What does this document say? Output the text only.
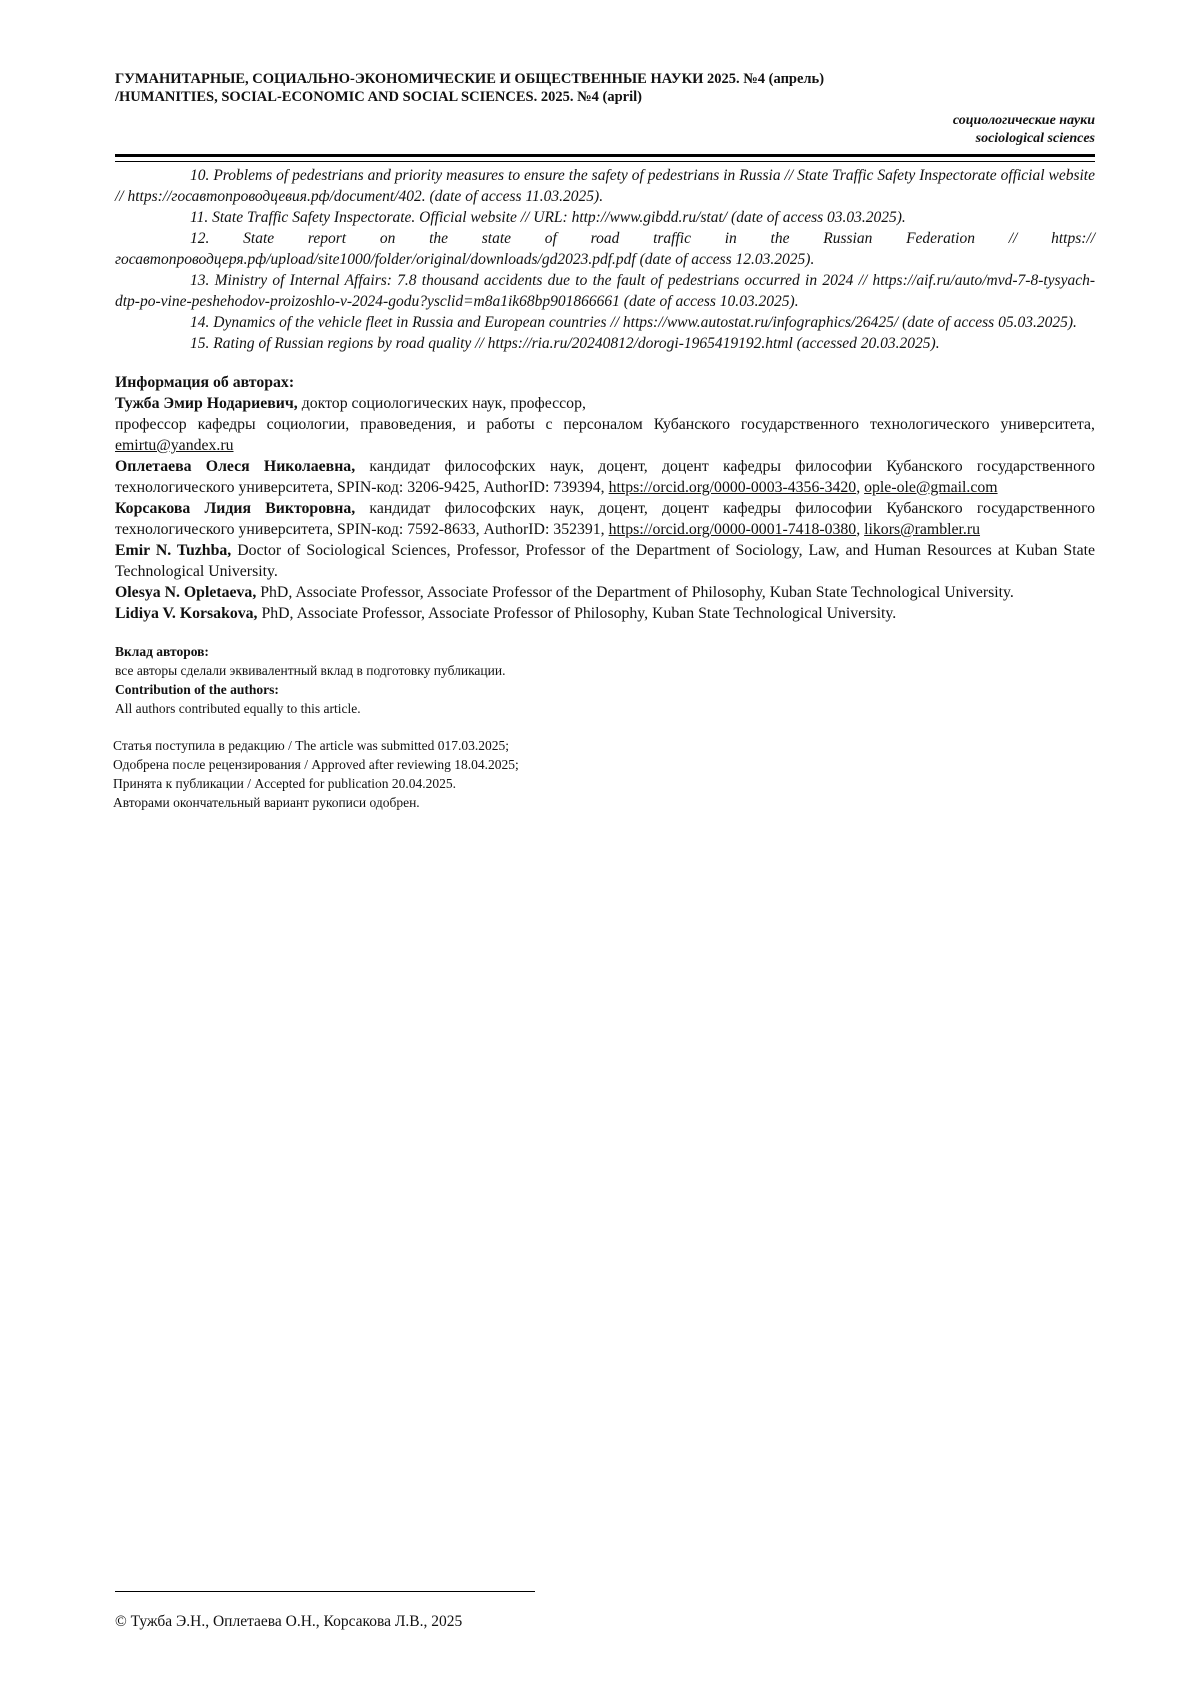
ГУМАНИТАРНЫЕ, СОЦИАЛЬНО-ЭКОНОМИЧЕСКИЕ И ОБЩЕСТВЕННЫЕ НАУКИ 2025. №4 (апрель)
/HUMANITIES, SOCIAL-ECONOMIC AND SOCIAL SCIENCES. 2025. №4 (april)
социологические науки
sociological sciences

10. Problems of pedestrians and priority measures to ensure the safety of pedestrians in Russia // State Traffic Safety Inspectorate official website // https://госавтопроводцевия.рф/document/402. (date of access 11.03.2025).

11. State Traffic Safety Inspectorate. Official website // URL: http://www.gibdd.ru/stat/ (date of access 03.03.2025).

12. State report on the state of road traffic in the Russian Federation // https://госавтопроводцеря.рф/upload/site1000/folder/original/downloads/gd2023.pdf.pdf (date of access 12.03.2025).

13. Ministry of Internal Affairs: 7.8 thousand accidents due to the fault of pedestrians occurred in 2024 // https://aif.ru/auto/mvd-7-8-tysyach-dtp-po-vine-peshehodov-proizoshlo-v-2024-godu?ysclid=m8a1ik68bp901866661 (date of access 10.03.2025).

14. Dynamics of the vehicle fleet in Russia and European countries // https://www.autostat.ru/infographics/26425/ (date of access 05.03.2025).

15. Rating of Russian regions by road quality // https://ria.ru/20240812/dorogi-1965419192.html (accessed 20.03.2025).

Информация об авторах:

Тужба Эмир Нодариевич, доктор социологических наук, профессор,

профессор кафедры социологии, правоведения, и работы с персоналом Кубанского государственного технологического университета, emirtu@yandex.ru

Оплетаева Олеся Николаевна, кандидат философских наук, доцент, доцент кафедры философии Кубанского государственного технологического университета, SPIN-код: 3206-9425, AuthorID: 739394, https://orcid.org/0000-0003-4356-3420, ople-ole@gmail.com

Корсакова Лидия Викторовна, кандидат философских наук, доцент, доцент кафедры философии Кубанского государственного технологического университета, SPIN-код: 7592-8633, AuthorID: 352391, https://orcid.org/0000-0001-7418-0380, likors@rambler.ru

Emir N. Tuzhba, Doctor of Sociological Sciences, Professor, Professor of the Department of Sociology, Law, and Human Resources at Kuban State Technological University.

Olesya N. Opletaeva, PhD, Associate Professor, Associate Professor of the Department of Philosophy, Kuban State Technological University.

Lidiya V. Korsakova, PhD, Associate Professor, Associate Professor of Philosophy, Kuban State Technological University.

Вклад авторов:
все авторы сделали эквивалентный вклад в подготовку публикации.
Contribution of the authors:
All authors contributed equally to this article.
Статья поступила в редакцию / The article was submitted 017.03.2025;
Одобрена после рецензирования / Approved after reviewing 18.04.2025;
Принята к публикации / Accepted for publication 20.04.2025.
Авторами окончательный вариант рукописи одобрен.
© Тужба Э.Н., Оплетаева О.Н., Корсакова Л.В., 2025
